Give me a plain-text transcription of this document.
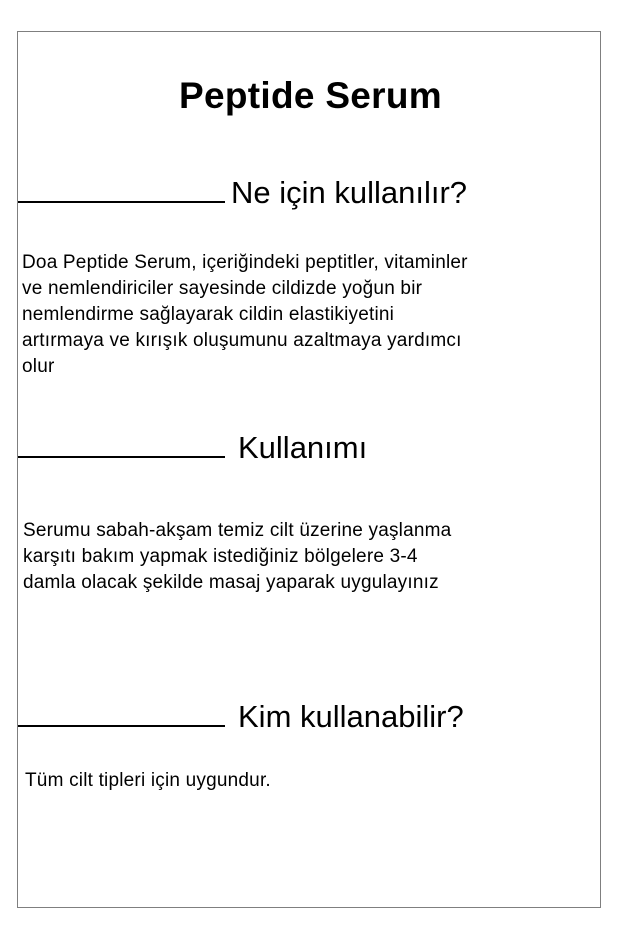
Peptide Serum
Ne için kullanılır?
Doa Peptide Serum, içeriğindeki peptitler, vitaminler
ve nemlendiriciler sayesinde cildizde yoğun bir
nemlendirme sağlayarak cildin elastikiyetini
artırmaya ve kırışık oluşumunu azaltmaya yardımcı
olur
Kullanımı
Serumu sabah-akşam temiz cilt üzerine yaşlanma
karşıtı bakım yapmak istediğiniz bölgelere 3-4
damla olacak şekilde masaj yaparak uygulayınız
Kim kullanabilir?
Tüm cilt tipleri için uygundur.
